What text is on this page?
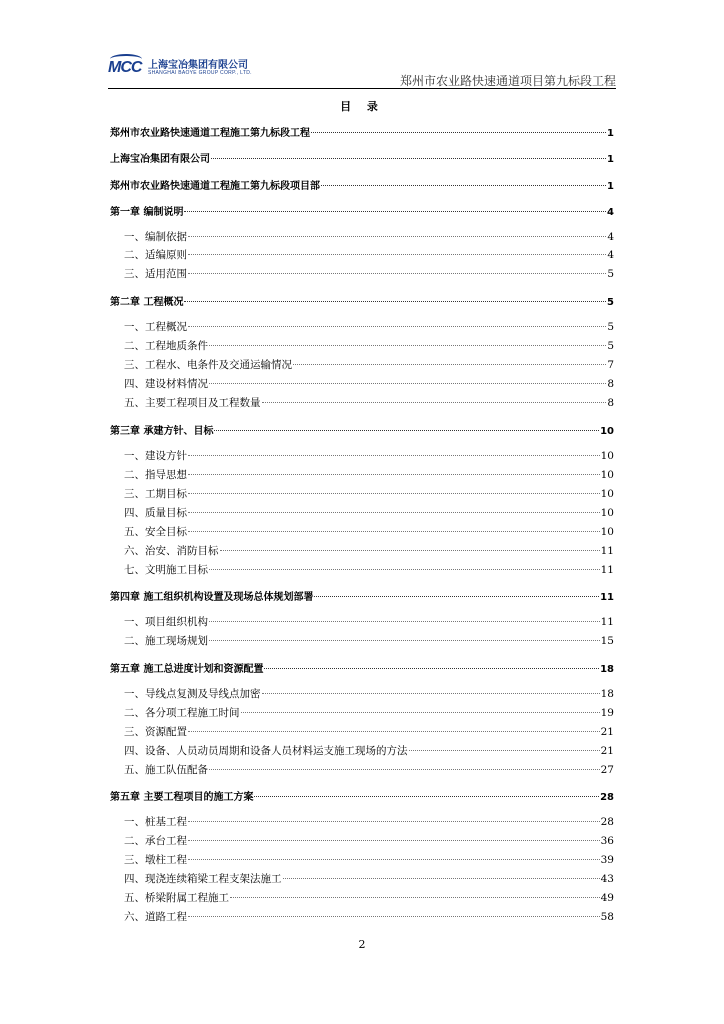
MCC 上海宝冶集团有限公司
SHANGHAI BAOYE GROUP CORP., LTD.
郑州市农业路快速通道项目第九标段工程
目 录
郑州市农业路快速通道工程施工第九标段工程	1
上海宝冶集团有限公司	1
郑州市农业路快速通道工程施工第九标段项目部	1
第一章 编制说明	4
一、编制依据	4
二、适编原则	4
三、适用范围	5
第二章 工程概况	5
一、工程概况	5
二、工程地质条件	5
三、工程水、电条件及交通运输情况	7
四、建设材料情况	8
五、主要工程项目及工程数量	8
第三章 承建方针、目标	10
一、建设方针	10
二、指导思想	10
三、工期目标	10
四、质量目标	10
五、安全目标	10
六、治安、消防目标	11
七、文明施工目标	11
第四章 施工组织机构设置及现场总体规划部署	11
一、项目组织机构	11
二、施工现场规划	15
第五章 施工总进度计划和资源配置	18
一、导线点复测及导线点加密	18
二、各分项工程施工时间	19
三、资源配置	21
四、设备、人员动员周期和设备人员材料运支施工现场的方法	21
五、施工队伍配备	27
第五章 主要工程项目的施工方案	28
一、桩基工程	28
二、承台工程	36
三、墩柱工程	39
四、现浇连续箱梁工程支架法施工	43
五、桥梁附属工程施工	49
六、道路工程	58
2
